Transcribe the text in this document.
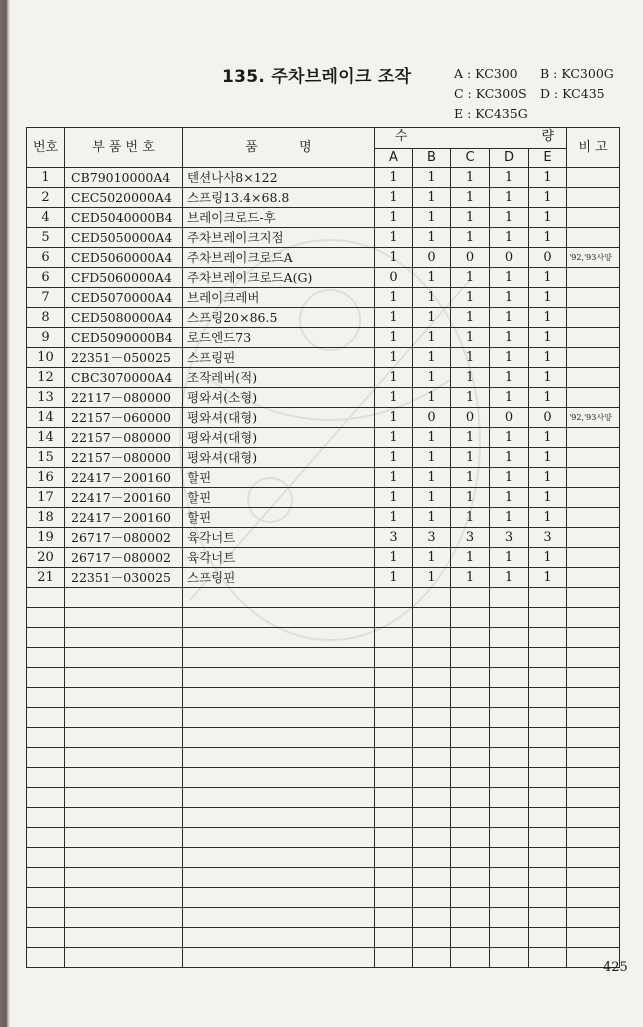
135. 주차브레이크 조작	A : KC300 B : KC300G
C : KC300S D : KC435
E : KC435G
번호	부 품 번 호	품          명	수 량					비 고
			A	B	C	D	E	
1	CB79010000A4	텐션나사8×122	1	1	1	1	1	
2	CEC5020000A4	스프링13.4×68.8	1	1	1	1	1	
4	CED5040000B4	브레이크로드-후	1	1	1	1	1	
5	CED5050000A4	주차브레이크지점	1	1	1	1	1	
6	CED5060000A4	주차브레이크로드A	1	0	0	0	0	'92,'93사양
6	CFD5060000A4	주차브레이크로드A(G)	0	1	1	1	1	
7	CED5070000A4	브레이크레버	1	1	1	1	1	
8	CED5080000A4	스프링20×86.5	1	1	1	1	1	
9	CED5090000B4	로드엔드73	1	1	1	1	1	
10	22351－050025	스프링핀	1	1	1	1	1	
12	CBC3070000A4	조작레버(적)	1	1	1	1	1	
13	22117－080000	평와셔(소형)	1	1	1	1	1	
14	22157－060000	평와셔(대형)	1	0	0	0	0	'92,'93사양
14	22157－080000	평와셔(대형)	1	1	1	1	1	
15	22157－080000	평와셔(대형)	1	1	1	1	1	
16	22417－200160	할핀	1	1	1	1	1	
17	22417－200160	할핀	1	1	1	1	1	
18	22417－200160	할핀	1	1	1	1	1	
19	26717－080002	육각너트	3	3	3	3	3	
20	26717－080002	육각너트	1	1	1	1	1	
21	22351－030025	스프링핀	1	1	1	1	1	

425
